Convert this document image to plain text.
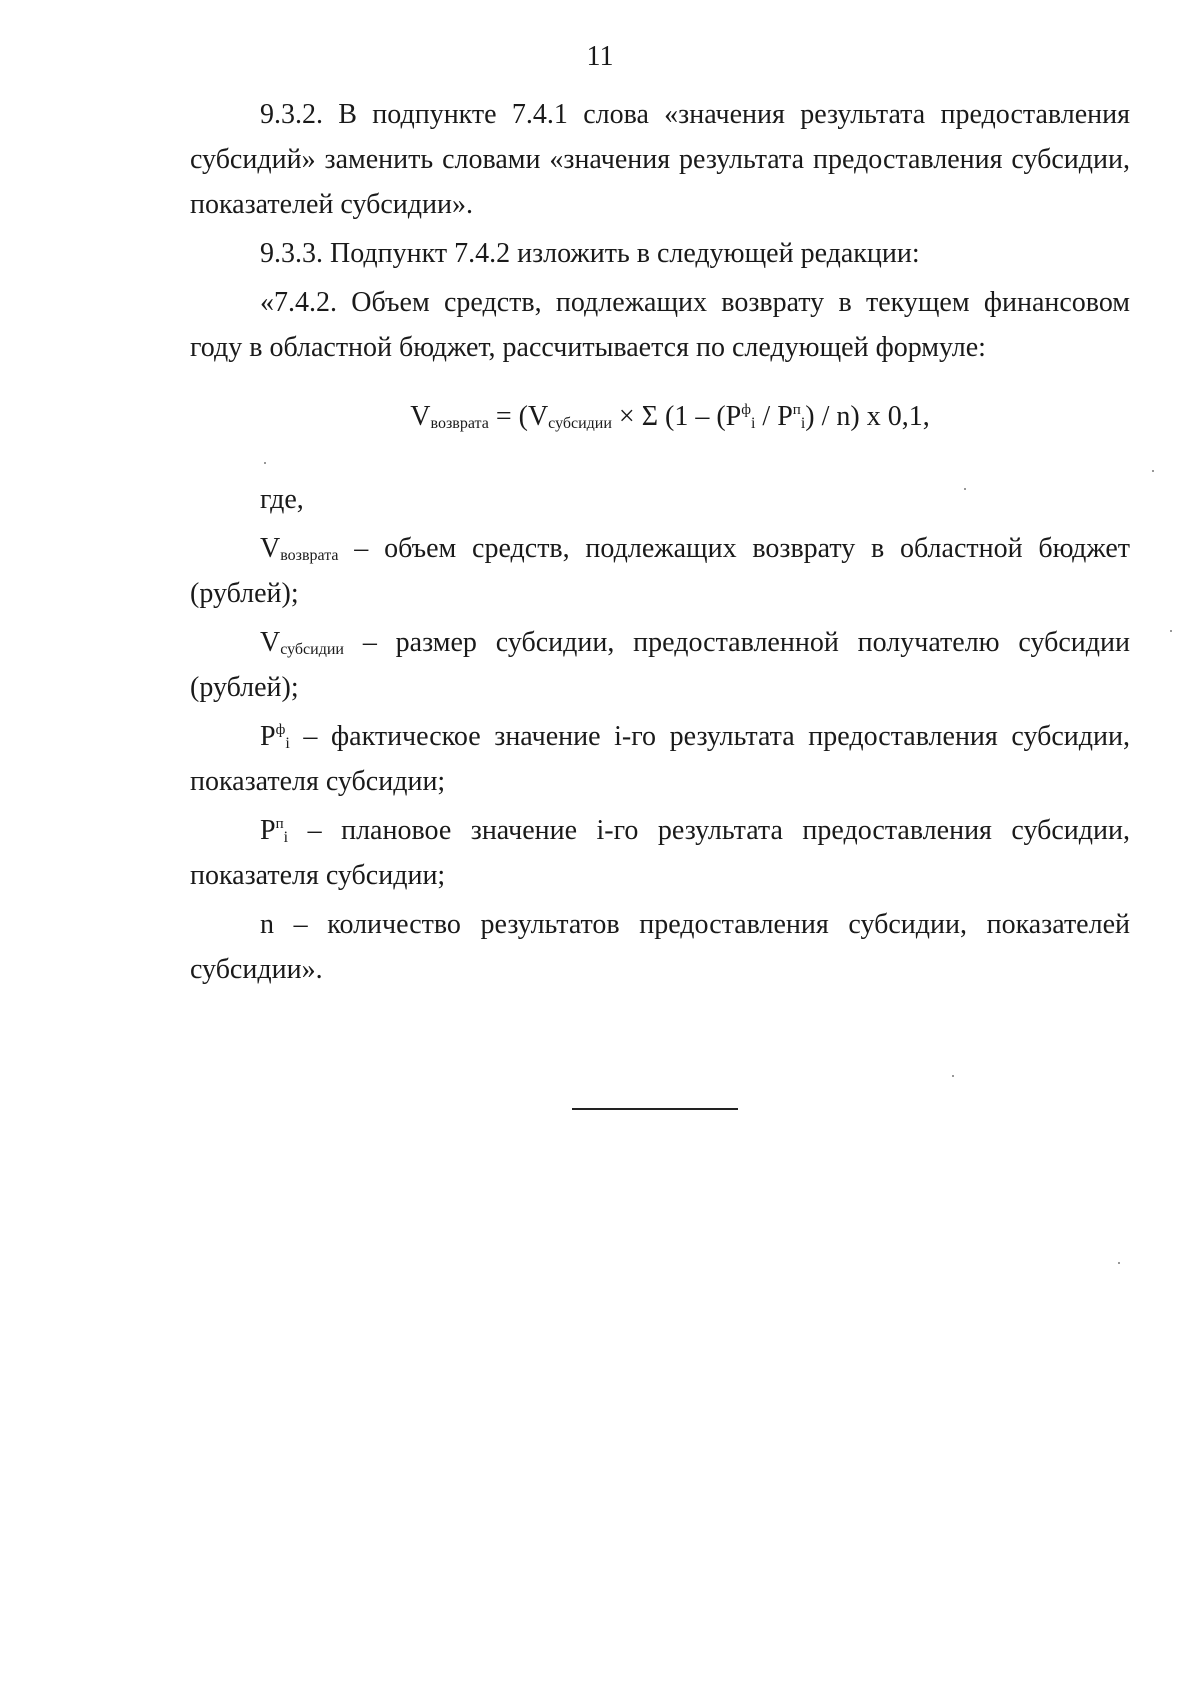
11

9.3.2. В подпункте 7.4.1 слова «значения результата предоставления субсидий» заменить словами «значения результата предоставления субсидии, показателей субсидии».

9.3.3. Подпункт 7.4.2 изложить в следующей редакции:

«7.4.2. Объем средств, подлежащих возврату в текущем финансовом году в областной бюджет, рассчитывается по следующей формуле:

$V_{возврата} = (V_{субсидии} \times \Sigma$ $(1 - (P^ф_i / P^п_i) / n)$ x 0,1,

где,

$V_{возврата}$ – объем средств, подлежащих возврату в областной бюджет (рублей);

$V_{субсидии}$ – размер субсидии, предоставленной получателю субсидии (рублей);

$P^ф_i$ – фактическое значение i-го результата предоставления субсидии, показателя субсидии;

$P^п_i$ – плановое значение i-го результата предоставления субсидии, показателя субсидии;

n – количество результатов предоставления субсидии, показателей субсидии».
